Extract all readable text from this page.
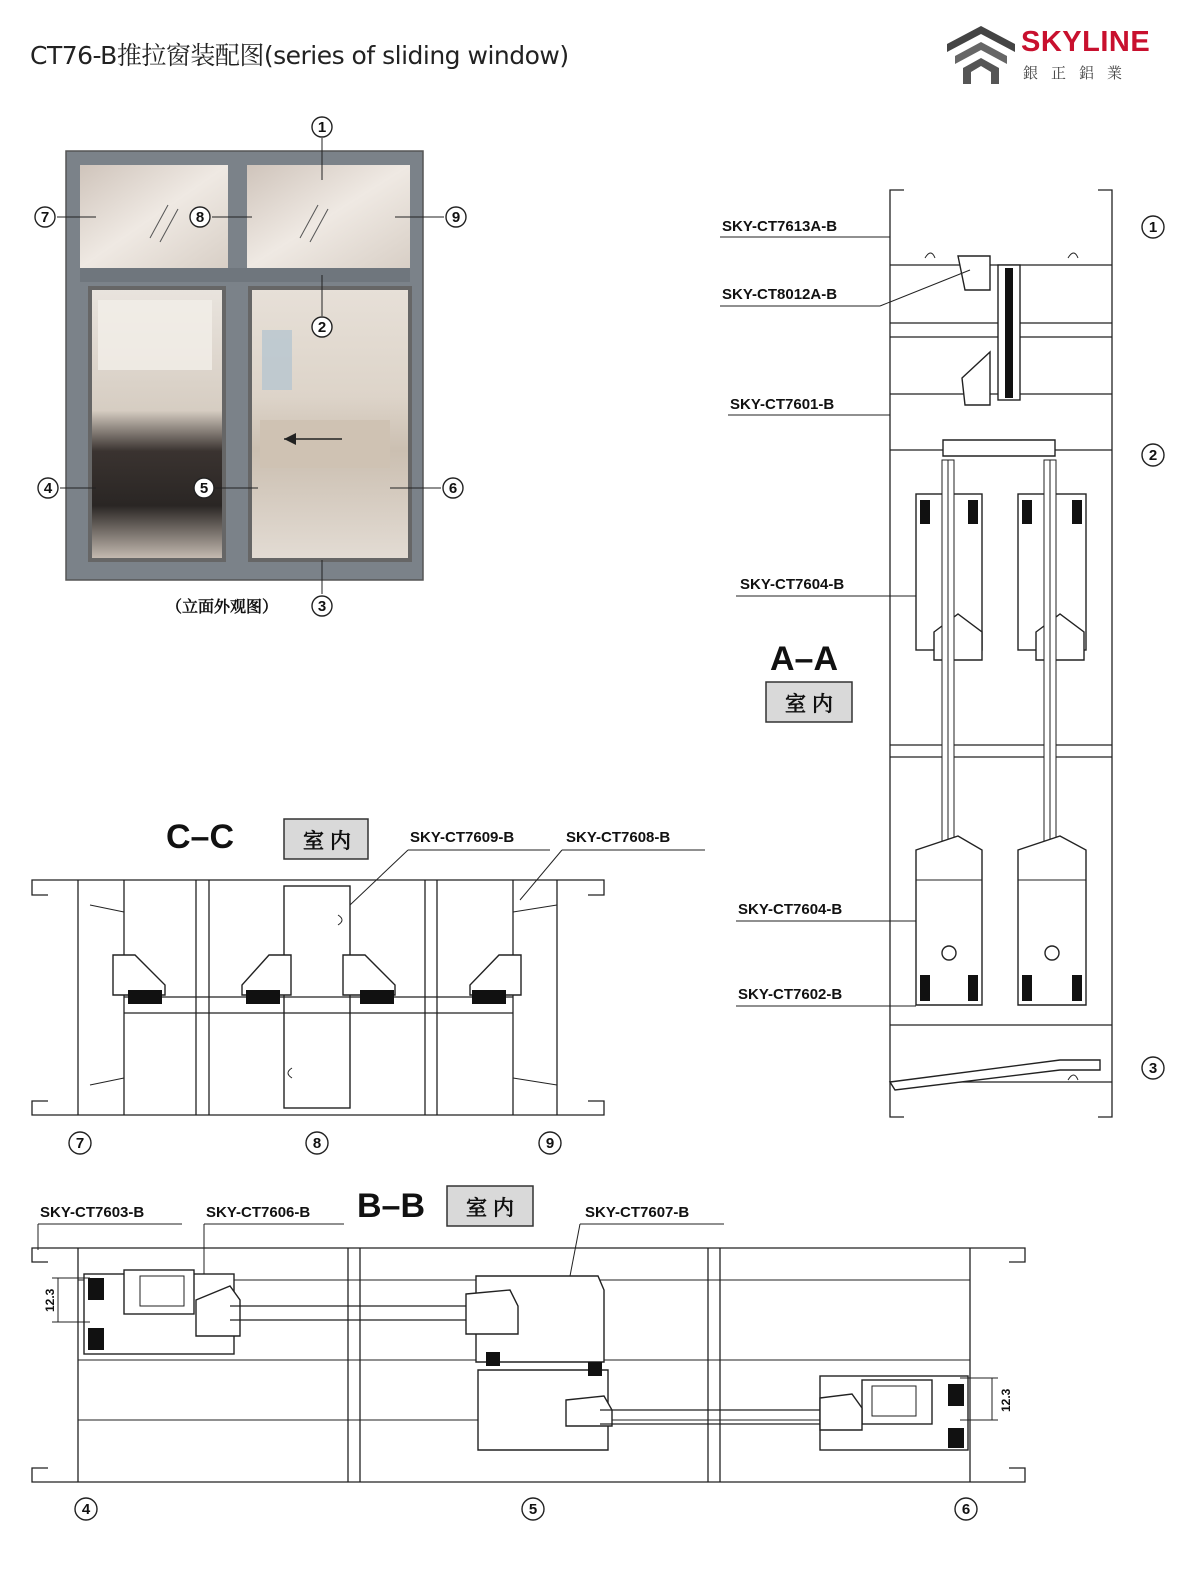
CT76-B推拉窗装配图(series of sliding window)	SKYLINE
銀正鋁業
1
7	8	9
2
4	5	6
3
（立面外观图）
SKY-CT7613A-B
SKY-CT8012A-B
SKY-CT7601-B
SKY-CT7604-B
SKY-CT7604-B
SKY-CT7602-B
A–A
室内
1
2
3
C–C	室内	SKY-CT7609-B	SKY-CT7608-B
7	8	9
SKY-CT7603-B	SKY-CT7606-B B–B 室内	SKY-CT7607-B
12.3
12.3
4	5	6
